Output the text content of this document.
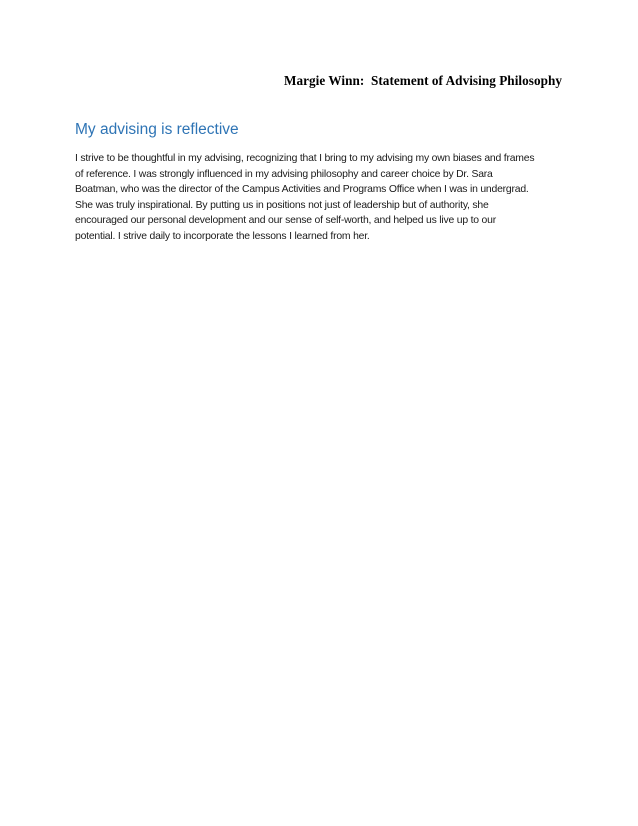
Margie Winn:  Statement of Advising Philosophy
My advising is reflective
I strive to be thoughtful in my advising, recognizing that I bring to my advising my own biases and frames
of reference. I was strongly influenced in my advising philosophy and career choice by Dr. Sara
Boatman, who was the director of the Campus Activities and Programs Office when I was in undergrad.
She was truly inspirational. By putting us in positions not just of leadership but of authority, she
encouraged our personal development and our sense of self-worth, and helped us live up to our
potential. I strive daily to incorporate the lessons I learned from her.
